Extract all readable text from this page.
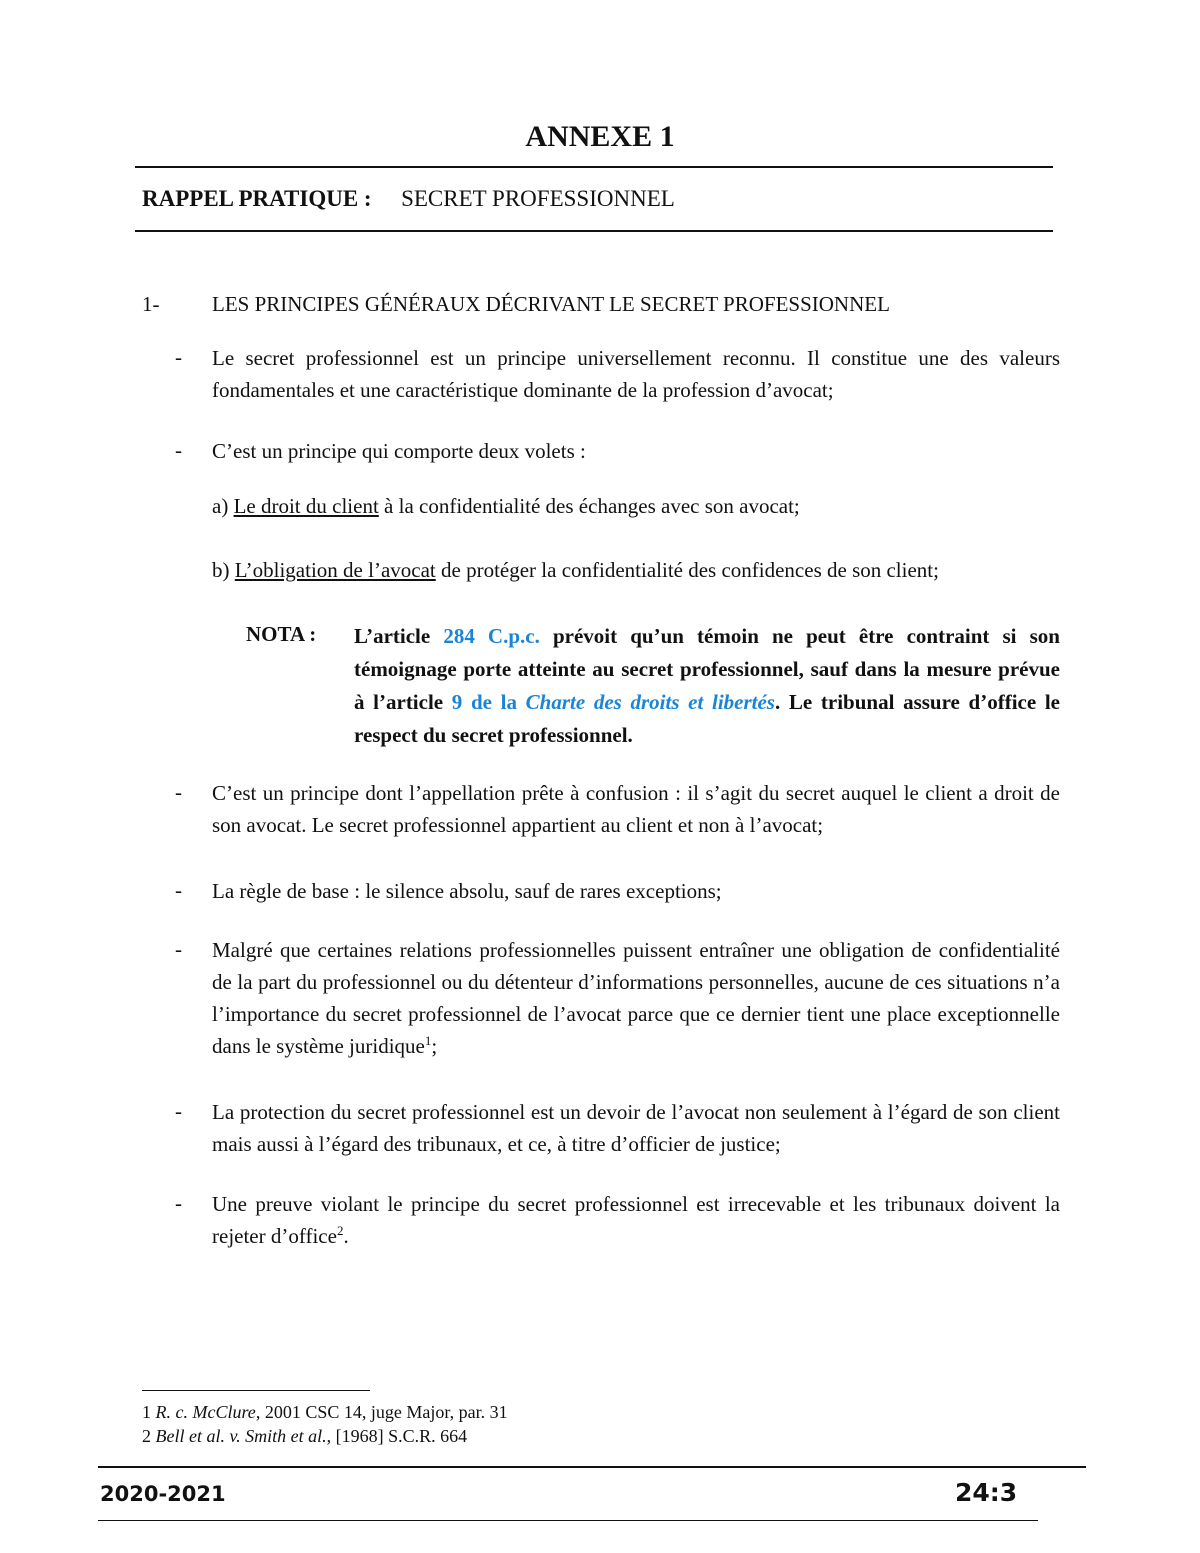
ANNEXE 1
RAPPEL PRATIQUE : SECRET PROFESSIONNEL
1-	LES PRINCIPES GÉNÉRAUX DÉCRIVANT LE SECRET PROFESSIONNEL
- Le secret professionnel est un principe universellement reconnu. Il constitue une des valeurs fondamentales et une caractéristique dominante de la profession d’avocat;
- C’est un principe qui comporte deux volets :
a) Le droit du client à la confidentialité des échanges avec son avocat;
b) L’obligation de l’avocat de protéger la confidentialité des confidences de son client;
NOTA : L’article 284 C.p.c. prévoit qu’un témoin ne peut être contraint si son témoignage porte atteinte au secret professionnel, sauf dans la mesure prévue à l’article 9 de la Charte des droits et libertés. Le tribunal assure d’office le respect du secret professionnel.
- C’est un principe dont l’appellation prête à confusion : il s’agit du secret auquel le client a droit de son avocat. Le secret professionnel appartient au client et non à l’avocat;
- La règle de base : le silence absolu, sauf de rares exceptions;
- Malgré que certaines relations professionnelles puissent entraîner une obligation de confidentialité de la part du professionnel ou du détenteur d’informations personnelles, aucune de ces situations n’a l’importance du secret professionnel de l’avocat parce que ce dernier tient une place exceptionnelle dans le système juridique$^1$;
- La protection du secret professionnel est un devoir de l’avocat non seulement à l’égard de son client mais aussi à l’égard des tribunaux, et ce, à titre d’officier de justice;
- Une preuve violant le principe du secret professionnel est irrecevable et les tribunaux doivent la rejeter d’office$^2$.
1 R. c. McClure, 2001 CSC 14, juge Major, par. 31
2 Bell et al. v. Smith et al., [1968] S.C.R. 664
2020-2021	24:3
